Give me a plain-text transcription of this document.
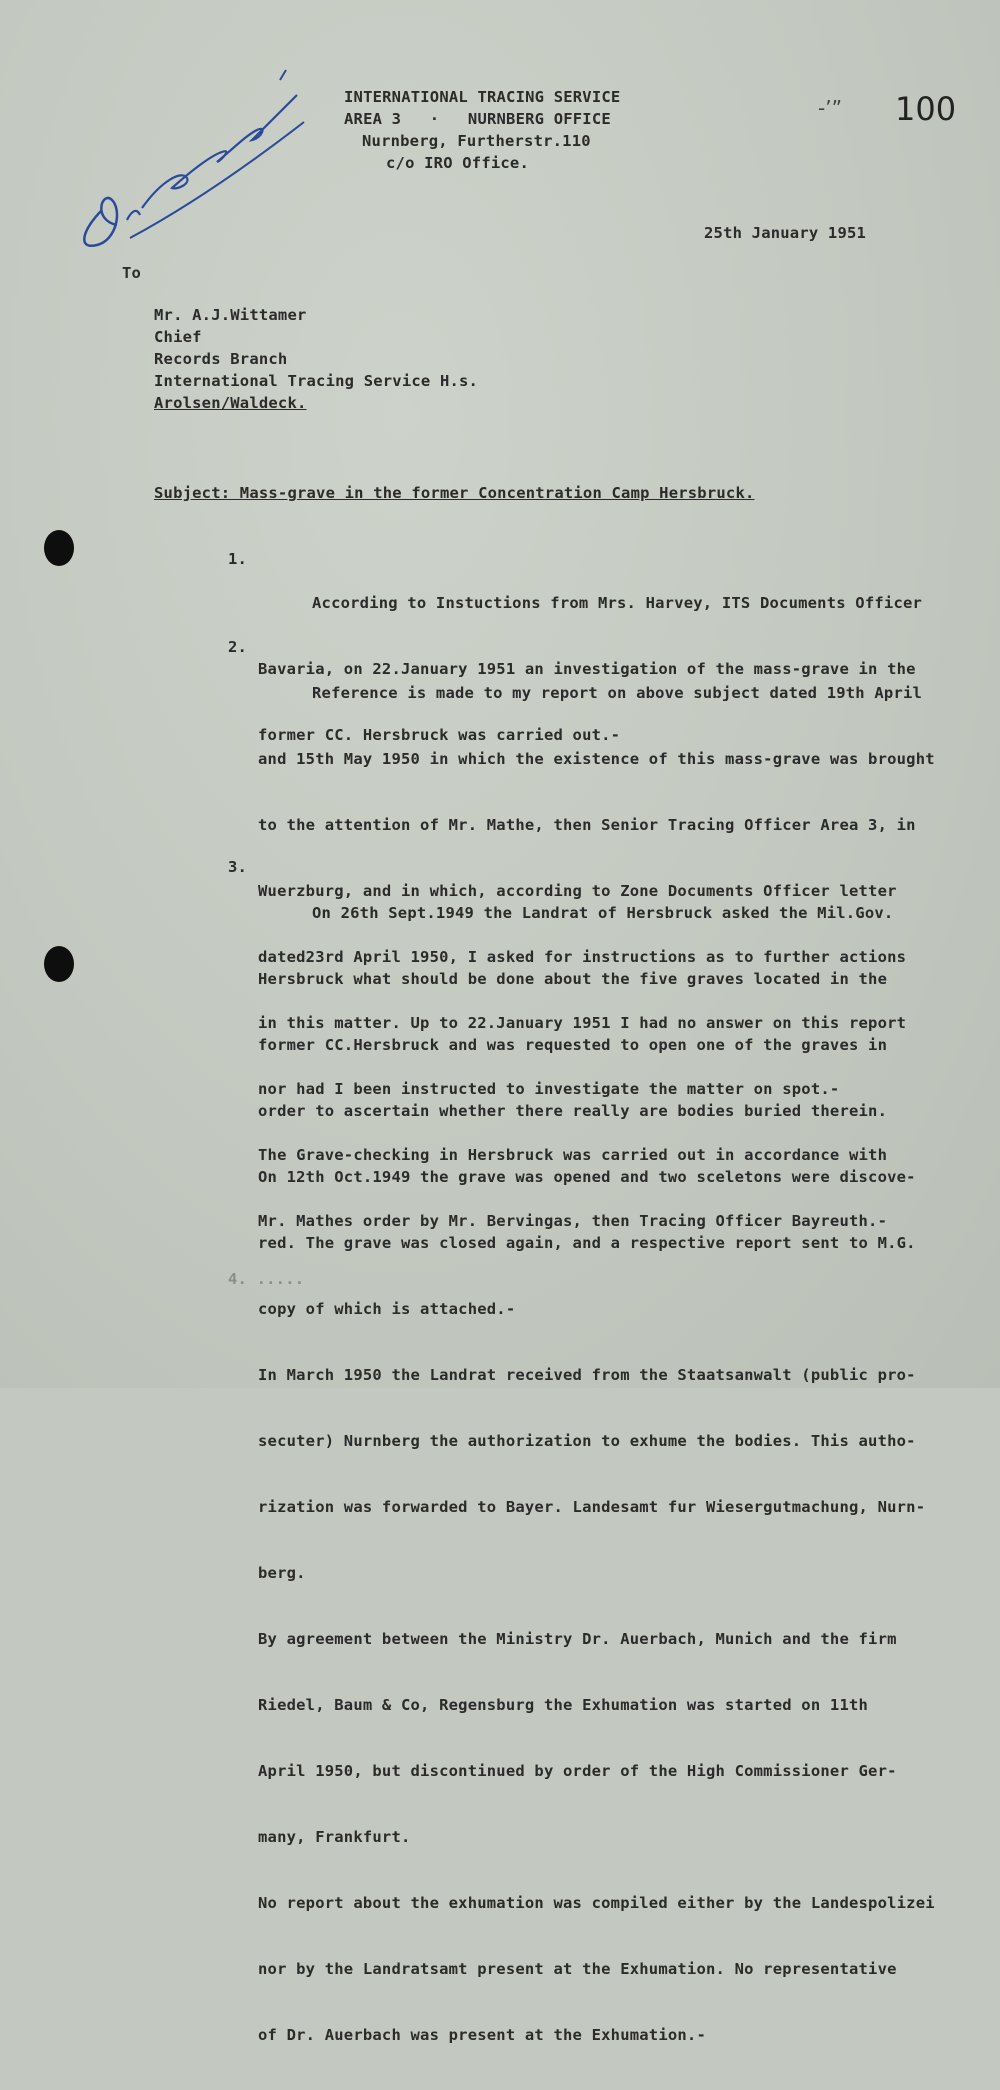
-’” 100
INTERNATIONAL TRACING SERVICE
AREA 3   ·   NURNBERG OFFICE
Nurnberg, Furtherstr.110
c/o IRO Office.
25th January 1951
To
Mr. A.J.Wittamer
Chief
Records Branch
International Tracing Service H.s.
Arolsen/Waldeck.
Subject: Mass-grave in the former Concentration Camp Hersbruck.
1.

According to Instuctions from Mrs. Harvey, ITS Documents Officer

Bavaria, on 22.January 1951 an investigation of the mass-grave in the

former CC. Hersbruck was carried out.-

2.

Reference is made to my report on above subject dated 19th April

and 15th May 1950 in which the existence of this mass-grave was brought

to the attention of Mr. Mathe, then Senior Tracing Officer Area 3, in

Wuerzburg, and in which, according to Zone Documents Officer letter

dated23rd April 1950, I asked for instructions as to further actions

in this matter. Up to 22.January 1951 I had no answer on this report

nor had I been instructed to investigate the matter on spot.-

The Grave-checking in Hersbruck was carried out in accordance with

Mr. Mathes order by Mr. Bervingas, then Tracing Officer Bayreuth.-

3.

On 26th Sept.1949 the Landrat of Hersbruck asked the Mil.Gov.

Hersbruck what should be done about the five graves located in the

former CC.Hersbruck and was requested to open one of the graves in

order to ascertain whether there really are bodies buried therein.

On 12th Oct.1949 the grave was opened and two sceletons were discove-

red. The grave was closed again, and a respective report sent to M.G.

copy of which is attached.-

In March 1950 the Landrat received from the Staatsanwalt (public pro-

secuter) Nurnberg the authorization to exhume the bodies. This autho-

rization was forwarded to Bayer. Landesamt fur Wiesergutmachung, Nurn-

berg.

By agreement between the Ministry Dr. Auerbach, Munich and the firm

Riedel, Baum & Co, Regensburg the Exhumation was started on 11th

April 1950, but discontinued by order of the High Commissioner Ger-

many, Frankfurt.

No report about the exhumation was compiled either by the Landespolizei

nor by the Landratsamt present at the Exhumation. No representative

of Dr. Auerbach was present at the Exhumation.-

4. .....
